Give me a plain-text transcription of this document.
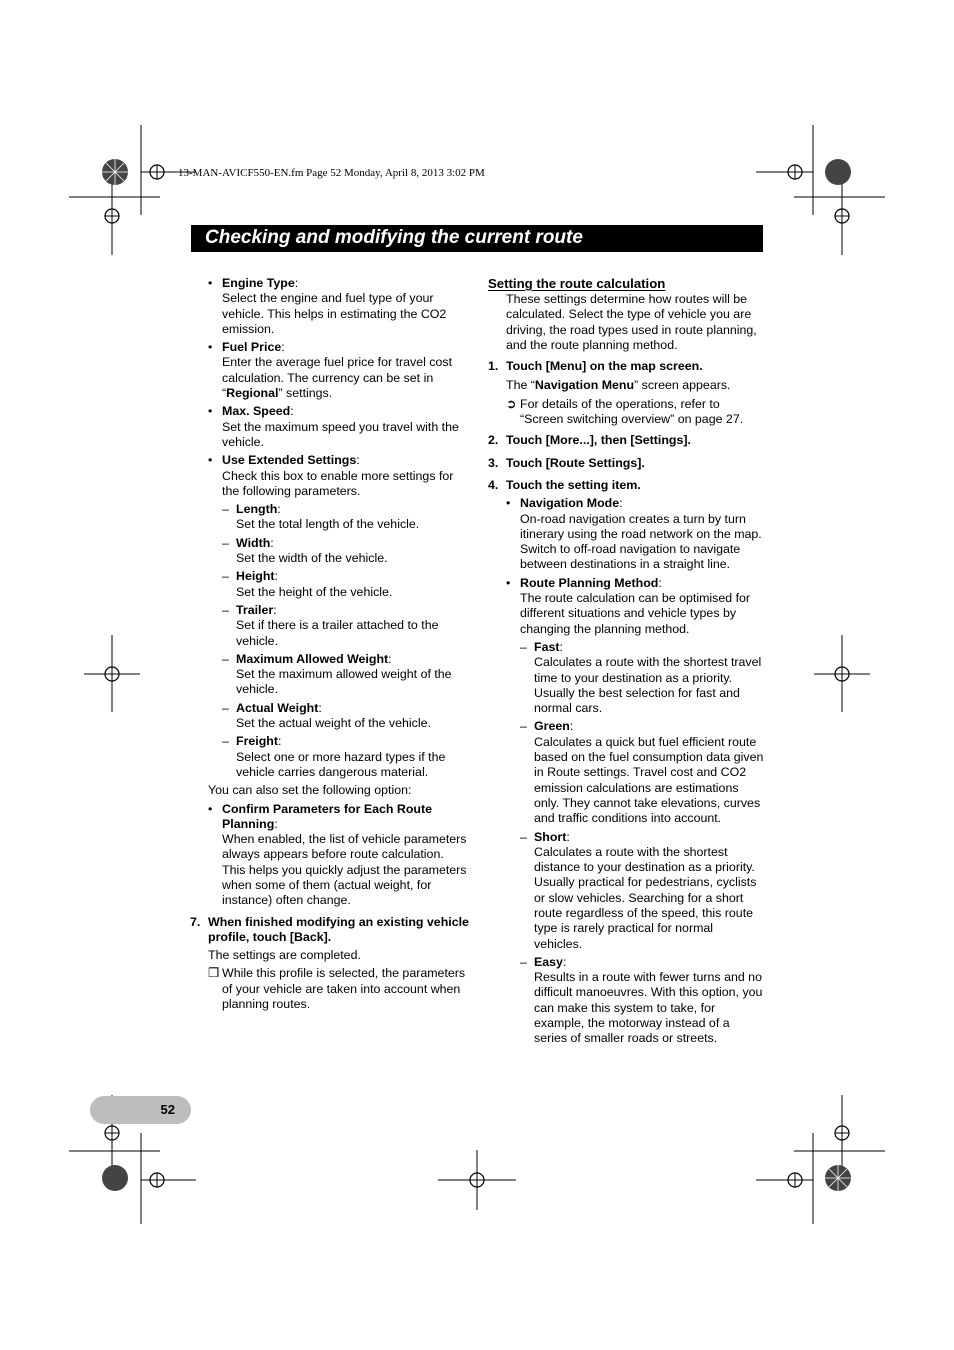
13-MAN-AVICF550-EN.fm Page 52 Monday, April 8, 2013 3:02 PM
Checking and modifying the current route
• Engine Type:

Select the engine and fuel type of your vehicle. This helps in estimating the CO2 emission.

• Fuel Price:

Enter the average fuel price for travel cost calculation. The currency can be set in “Regional” settings.

• Max. Speed:

Set the maximum speed you travel with the vehicle.

• Use Extended Settings:

Check this box to enable more settings for the following parameters.

– Length:

Set the total length of the vehicle.

– Width:

Set the width of the vehicle.

– Height:

Set the height of the vehicle.

– Trailer:

Set if there is a trailer attached to the vehicle.

– Maximum Allowed Weight:

Set the maximum allowed weight of the vehicle.

– Actual Weight:

Set the actual weight of the vehicle.

– Freight:

Select one or more hazard types if the vehicle carries dangerous material.

You can also set the following option:

• Confirm Parameters for Each Route Planning:

When enabled, the list of vehicle parameters always appears before route calculation. This helps you quickly adjust the parameters when some of them (actual weight, for instance) often change.

7. When finished modifying an existing vehicle profile, touch [Back].

The settings are completed.

❒ While this profile is selected, the parameters of your vehicle are taken into account when planning routes.

Setting the route calculation

These settings determine how routes will be calculated. Select the type of vehicle you are driving, the road types used in route planning, and the route planning method.

1. Touch [Menu] on the map screen.

The “Navigation Menu” screen appears.

➲ For details of the operations, refer to “Screen switching overview” on page 27.

2. Touch [More...], then [Settings].

3. Touch [Route Settings].

4. Touch the setting item.

• Navigation Mode:

On-road navigation creates a turn by turn itinerary using the road network on the map. Switch to off-road navigation to navigate between destinations in a straight line.

• Route Planning Method:

The route calculation can be optimised for different situations and vehicle types by changing the planning method.

– Fast:

Calculates a route with the shortest travel time to your destination as a priority. Usually the best selection for fast and normal cars.

– Green:

Calculates a quick but fuel efficient route based on the fuel consumption data given in Route settings. Travel cost and CO2 emission calculations are estimations only. They cannot take elevations, curves and traffic conditions into account.

– Short:

Calculates a route with the shortest distance to your destination as a priority. Usually practical for pedestrians, cyclists or slow vehicles. Searching for a short route regardless of the speed, this route type is rarely practical for normal vehicles.

– Easy:

Results in a route with fewer turns and no difficult manoeuvres. With this option, you can make this system to take, for example, the motorway instead of a series of smaller roads or streets.

52
